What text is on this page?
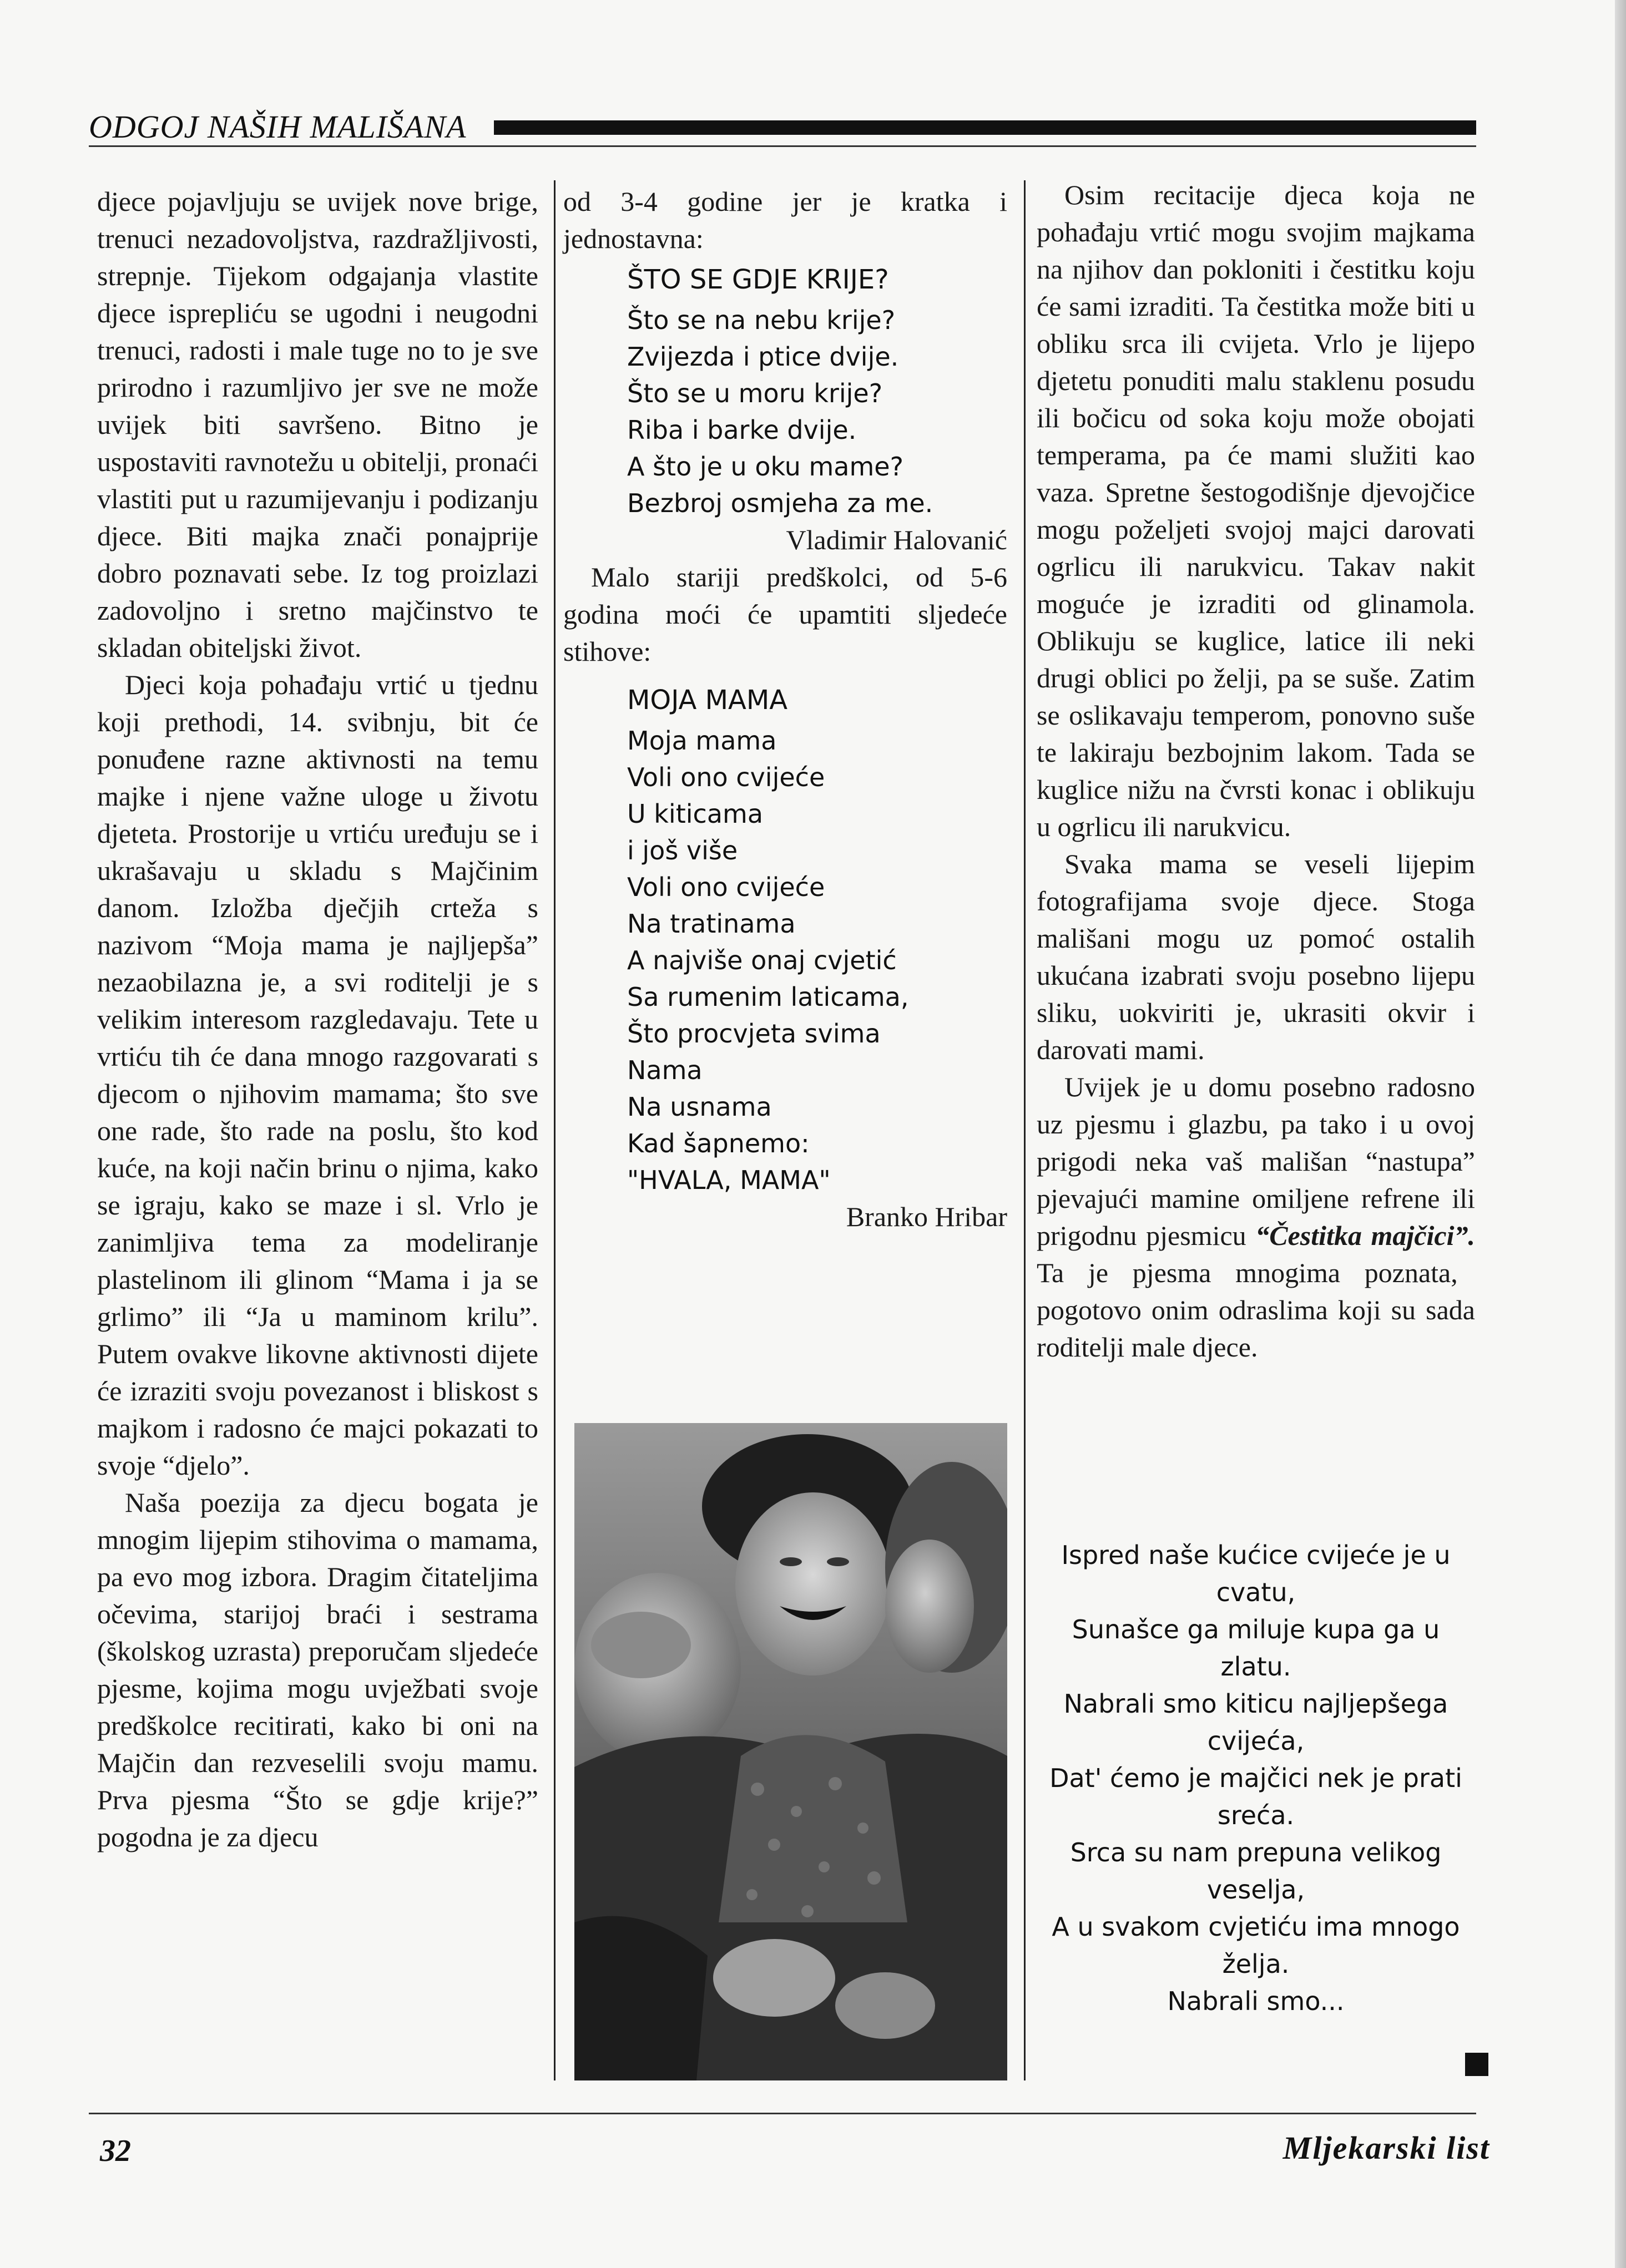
ODGOJ NAŠIH MALIŠANA

djece pojavljuju se uvijek nove brige, trenuci nezadovoljstva, razdražljivosti, strepnje. Tijekom odgajanja vlastite djece isprepliću se ugodni i neugodni trenuci, radosti i male tuge no to je sve prirodno i razumljivo jer sve ne može uvijek biti savršeno. Bitno je uspostaviti ravnotežu u obitelji, pronaći vlastiti put u razumijevanju i podizanju djece. Biti majka znači ponajprije dobro poznavati sebe. Iz tog proizlazi zadovoljno i sretno majčinstvo te skladan obiteljski život.

Djeci koja pohađaju vrtić u tjednu koji prethodi, 14. svibnju, bit će ponuđene razne aktivnosti na temu majke i njene važne uloge u životu djeteta. Prostorije u vrtiću uređuju se i ukrašavaju u skladu s Majčinim danom. Izložba dječjih crteža s nazivom “Moja mama je najljepša” nezaobilazna je, a svi roditelji je s velikim interesom razgledavaju. Tete u vrtiću tih će dana mnogo razgovarati s djecom o njihovim mamama; što sve one rade, što rade na poslu, što kod kuće, na koji način brinu o njima, kako se igraju, kako se maze i sl. Vrlo je zanimljiva tema za modeliranje plastelinom ili glinom “Mama i ja se grlimo” ili “Ja u maminom krilu”. Putem ovakve likovne aktivnosti dijete će izraziti svoju povezanost i bliskost s majkom i radosno će majci pokazati to svoje “djelo”.

Naša poezija za djecu bogata je mnogim lijepim stihovima o mamama, pa evo mog izbora. Dragim čitateljima očevima, starijoj braći i sestrama (školskog uzrasta) preporučam sljedeće pjesme, kojima mogu uvježbati svoje predškolce recitirati, kako bi oni na Majčin dan rezveselili svoju mamu. Prva pjesma “Što se gdje krije?” pogodna je za djecu

od 3-4 godine jer je kratka i jednostavna:

ŠTO SE GDJE KRIJE?
Što se na nebu krije?
Zvijezda i ptice dvije.
Što se u moru krije?
Riba i barke dvije.
A što je u oku mame?
Bezbroj osmjeha za me.
Vladimir Halovanić

Malo stariji predškolci, od 5-6 godina moći će upamtiti sljedeće stihove:

MOJA MAMA
Moja mama
Voli ono cvijeće
U kiticama
i još više
Voli ono cvijeće
Na tratinama
A najviše onaj cvjetić
Sa rumenim laticama,
Što procvjeta svima
Nama
Na usnama
Kad šapnemo:
"HVALA, MAMA"
Branko Hribar

Osim recitacije djeca koja ne pohađaju vrtić mogu svojim majkama na njihov dan pokloniti i čestitku koju će sami izraditi. Ta čestitka može biti u obliku srca ili cvijeta. Vrlo je lijepo djetetu ponuditi malu staklenu posudu ili bočicu od soka koju može obojati temperama, pa će mami služiti kao vaza. Spretne šestogodišnje djevojčice mogu poželjeti svojoj majci darovati ogrlicu ili narukvicu. Takav nakit moguće je izraditi od glinamola. Oblikuju se kuglice, latice ili neki drugi oblici po želji, pa se suše. Zatim se oslikavaju temperom, ponovno suše te lakiraju bezbojnim lakom. Tada se kuglice nižu na čvrsti konac i oblikuju u ogrlicu ili narukvicu.

Svaka mama se veseli lijepim fotografijama svoje djece. Stoga mališani mogu uz pomoć ostalih ukućana izabrati svoju posebno lijepu sliku, uokviriti je, ukrasiti okvir i darovati mami.

Uvijek je u domu posebno radosno uz pjesmu i glazbu, pa tako i u ovoj prigodi neka vaš mališan “nastupa” pjevajući mamine omiljene refrene ili prigodnu pjesmicu “Čestitka majčici”. Ta je pjesma mnogima poznata, pogotovo onim odraslima koji su sada roditelji male djece.

Ispred naše kućice cvijeće je u cvatu,
Sunašce ga miluje kupa ga u zlatu.
Nabrali smo kiticu najljepšega cvijeća,
Dat' ćemo je majčici nek je prati sreća.
Srca su nam prepuna velikog veselja,
A u svakom cvjetiću ima mnogo želja.
Nabrali smo...
32	Mljekarski list
